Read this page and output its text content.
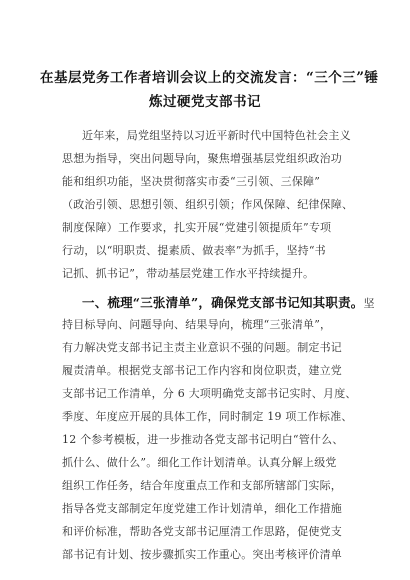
在基层党务工作者培训会议上的交流发言：“三个三”锤
炼过硬党支部书记
近年来，局党组坚持以习近平新时代中国特色社会主义
思想为指导，突出问题导向，聚焦增强基层党组织政治功
能和组织功能，坚决贯彻落实市委“三引领、三保障”
（政治引领、思想引领、组织引领；作风保障、纪律保障、
制度保障）工作要求，扎实开展“党建引领提质年”专项
行动，以“明职责、提素质、做表率”为抓手，坚持“书
记抓、抓书记”，带动基层党建工作水平持续提升。
一、梳理“三张清单”，确保党支部书记知其职责。坚
持目标导向、问题导向、结果导向，梳理“三张清单”，
有力解决党支部书记主责主业意识不强的问题。制定书记
履责清单。根据党支部书记工作内容和岗位职责，建立党
支部书记工作清单，分 6 大项明确党支部书记实时、月度、
季度、年度应开展的具体工作，同时制定 19 项工作标准、
12 个参考模板，进一步推动各党支部书记明白“管什么、
抓什么、做什么”。细化工作计划清单。认真分解上级党
组织工作任务，结合年度重点工作和支部所辖部门实际，
指导各党支部制定年度党建工作计划清单，细化工作措施
和评价标准，帮助各党支部书记厘清工作思路，促使党支
部书记有计划、按步骤抓实工作重心。突出考核评价清单
